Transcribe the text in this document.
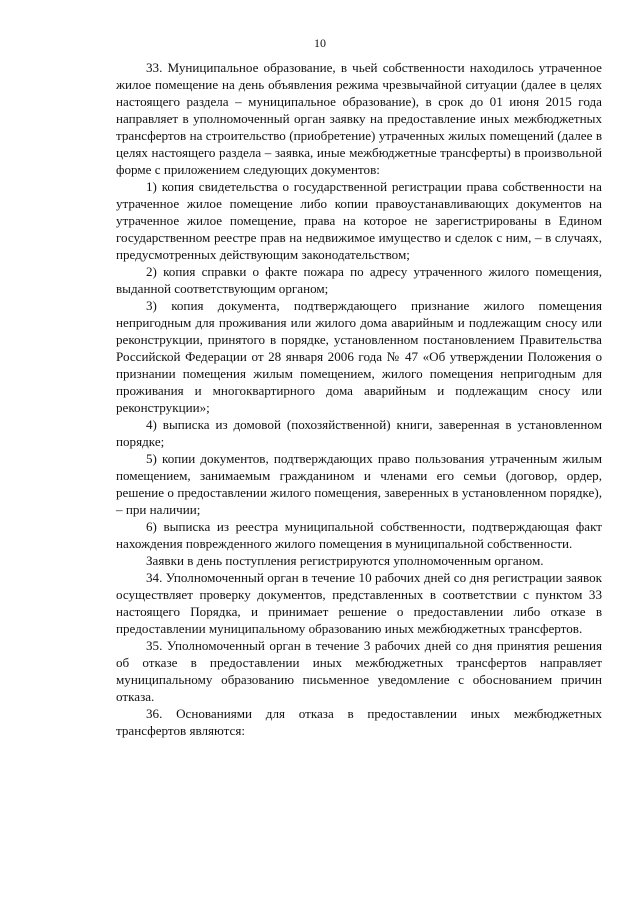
10

33. Муниципальное образование, в чьей собственности находилось утраченное жилое помещение на день объявления режима чрезвычайной ситуации (далее в целях настоящего раздела – муниципальное образование), в срок до 01 июня 2015 года направляет в уполномоченный орган заявку на предоставление иных межбюджетных трансфертов на строительство (приобретение) утраченных жилых помещений (далее в целях настоящего раздела – заявка, иные межбюджетные трансферты) в произвольной форме с приложением следующих документов:

1) копия свидетельства о государственной регистрации права собственности на утраченное жилое помещение либо копии правоустанавливающих документов на утраченное жилое помещение, права на которое не зарегистрированы в Едином государственном реестре прав на недвижимое имущество и сделок с ним, – в случаях, предусмотренных действующим законодательством;

2) копия справки о факте пожара по адресу утраченного жилого помещения, выданной соответствующим органом;

3) копия документа, подтверждающего признание жилого помещения непригодным для проживания или жилого дома аварийным и подлежащим сносу или реконструкции, принятого в порядке, установленном постановлением Правительства Российской Федерации от 28 января 2006 года № 47 «Об утверждении Положения о признании помещения жилым помещением, жилого помещения непригодным для проживания и многоквартирного дома аварийным и подлежащим сносу или реконструкции»;

4) выписка из домовой (похозяйственной) книги, заверенная в установленном порядке;

5) копии документов, подтверждающих право пользования утраченным жилым помещением, занимаемым гражданином и членами его семьи (договор, ордер, решение о предоставлении жилого помещения, заверенных в установленном порядке), – при наличии;

6) выписка из реестра муниципальной собственности, подтверждающая факт нахождения поврежденного жилого помещения в муниципальной собственности.

Заявки в день поступления регистрируются уполномоченным органом.

34. Уполномоченный орган в течение 10 рабочих дней со дня регистрации заявок осуществляет проверку документов, представленных в соответствии с пунктом 33 настоящего Порядка, и принимает решение о предоставлении либо отказе в предоставлении муниципальному образованию иных межбюджетных трансфертов.

35. Уполномоченный орган в течение 3 рабочих дней со дня принятия решения об отказе в предоставлении иных межбюджетных трансфертов направляет муниципальному образованию письменное уведомление с обоснованием причин отказа.

36. Основаниями для отказа в предоставлении иных межбюджетных трансфертов являются:
